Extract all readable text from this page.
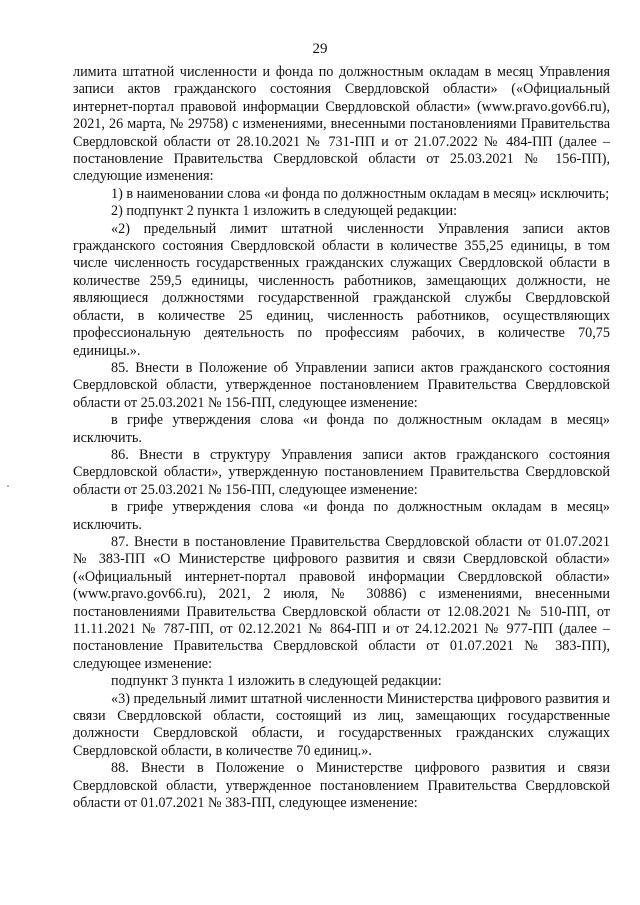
29

лимита штатной численности и фонда по должностным окладам в месяц Управления записи актов гражданского состояния Свердловской области» («Официальный интернет-портал правовой информации Свердловской области» (www.pravo.gov66.ru), 2021, 26 марта, № 29758) с изменениями, внесенными постановлениями Правительства Свердловской области от 28.10.2021 № 731-ПП и от 21.07.2022 № 484-ПП (далее – постановление Правительства Свердловской области от 25.03.2021 № 156-ПП), следующие изменения:

1) в наименовании слова «и фонда по должностным окладам в месяц» исключить;

2) подпункт 2 пункта 1 изложить в следующей редакции:

«2) предельный лимит штатной численности Управления записи актов гражданского состояния Свердловской области в количестве 355,25 единицы, в том числе численность государственных гражданских служащих Свердловской области в количестве 259,5 единицы, численность работников, замещающих должности, не являющиеся должностями государственной гражданской службы Свердловской области, в количестве 25 единиц, численность работников, осуществляющих профессиональную деятельность по профессиям рабочих, в количестве 70,75 единицы.».

85. Внести в Положение об Управлении записи актов гражданского состояния Свердловской области, утвержденное постановлением Правительства Свердловской области от 25.03.2021 № 156-ПП, следующее изменение:

в грифе утверждения слова «и фонда по должностным окладам в месяц» исключить.

86. Внести в структуру Управления записи актов гражданского состояния Свердловской области», утвержденную постановлением Правительства Свердловской области от 25.03.2021 № 156-ПП, следующее изменение:

в грифе утверждения слова «и фонда по должностным окладам в месяц» исключить.

87. Внести в постановление Правительства Свердловской области от 01.07.2021 № 383-ПП «О Министерстве цифрового развития и связи Свердловской области» («Официальный интернет-портал правовой информации Свердловской области» (www.pravo.gov66.ru), 2021, 2 июля, № 30886) с изменениями, внесенными постановлениями Правительства Свердловской области от 12.08.2021 № 510-ПП, от 11.11.2021 № 787-ПП, от 02.12.2021 № 864-ПП и от 24.12.2021 № 977-ПП (далее – постановление Правительства Свердловской области от 01.07.2021 № 383-ПП), следующее изменение:

подпункт 3 пункта 1 изложить в следующей редакции:

«3) предельный лимит штатной численности Министерства цифрового развития и связи Свердловской области, состоящий из лиц, замещающих государственные должности Свердловской области, и государственных гражданских служащих Свердловской области, в количестве 70 единиц.».

88. Внести в Положение о Министерстве цифрового развития и связи Свердловской области, утвержденное постановлением Правительства Свердловской области от 01.07.2021 № 383-ПП, следующее изменение:
